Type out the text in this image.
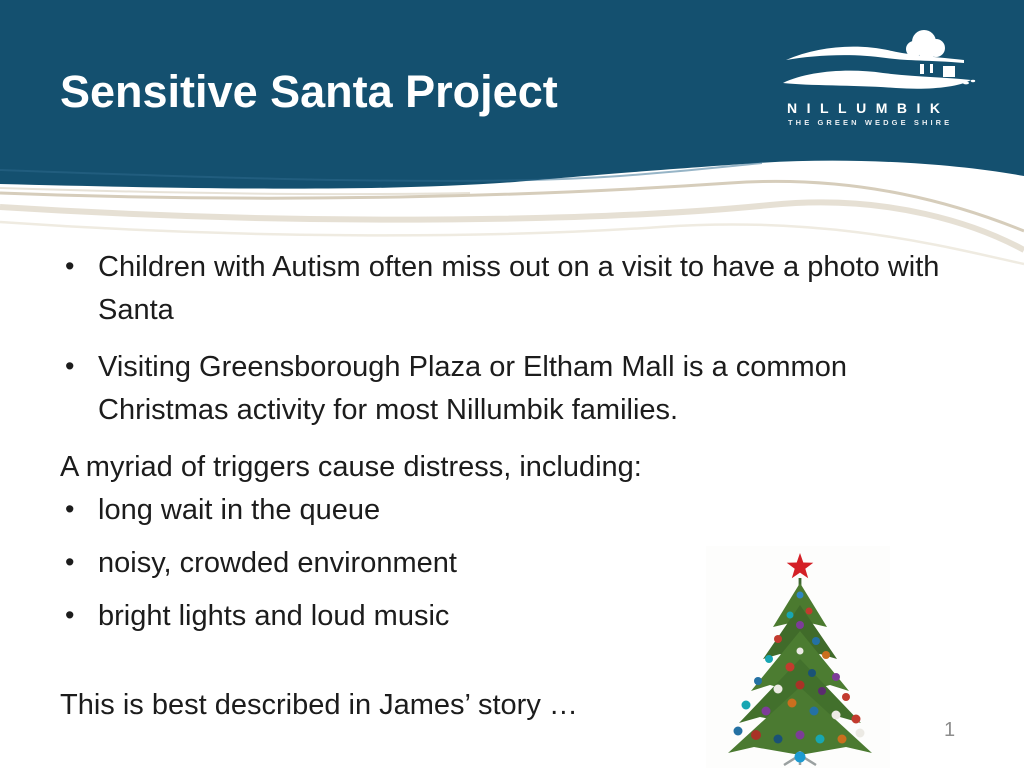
Sensitive Santa Project	NILLUMBIK
THE GREEN WEDGE SHIRE
• Children with Autism often miss out on a visit to have a photo with Santa
• Visiting Greensborough Plaza or Eltham Mall is a common Christmas activity for most Nillumbik families.

A myriad of triggers cause distress, including:

• long wait in the queue
• noisy, crowded environment
• bright lights and loud music

This is best described in James’ story …

1
